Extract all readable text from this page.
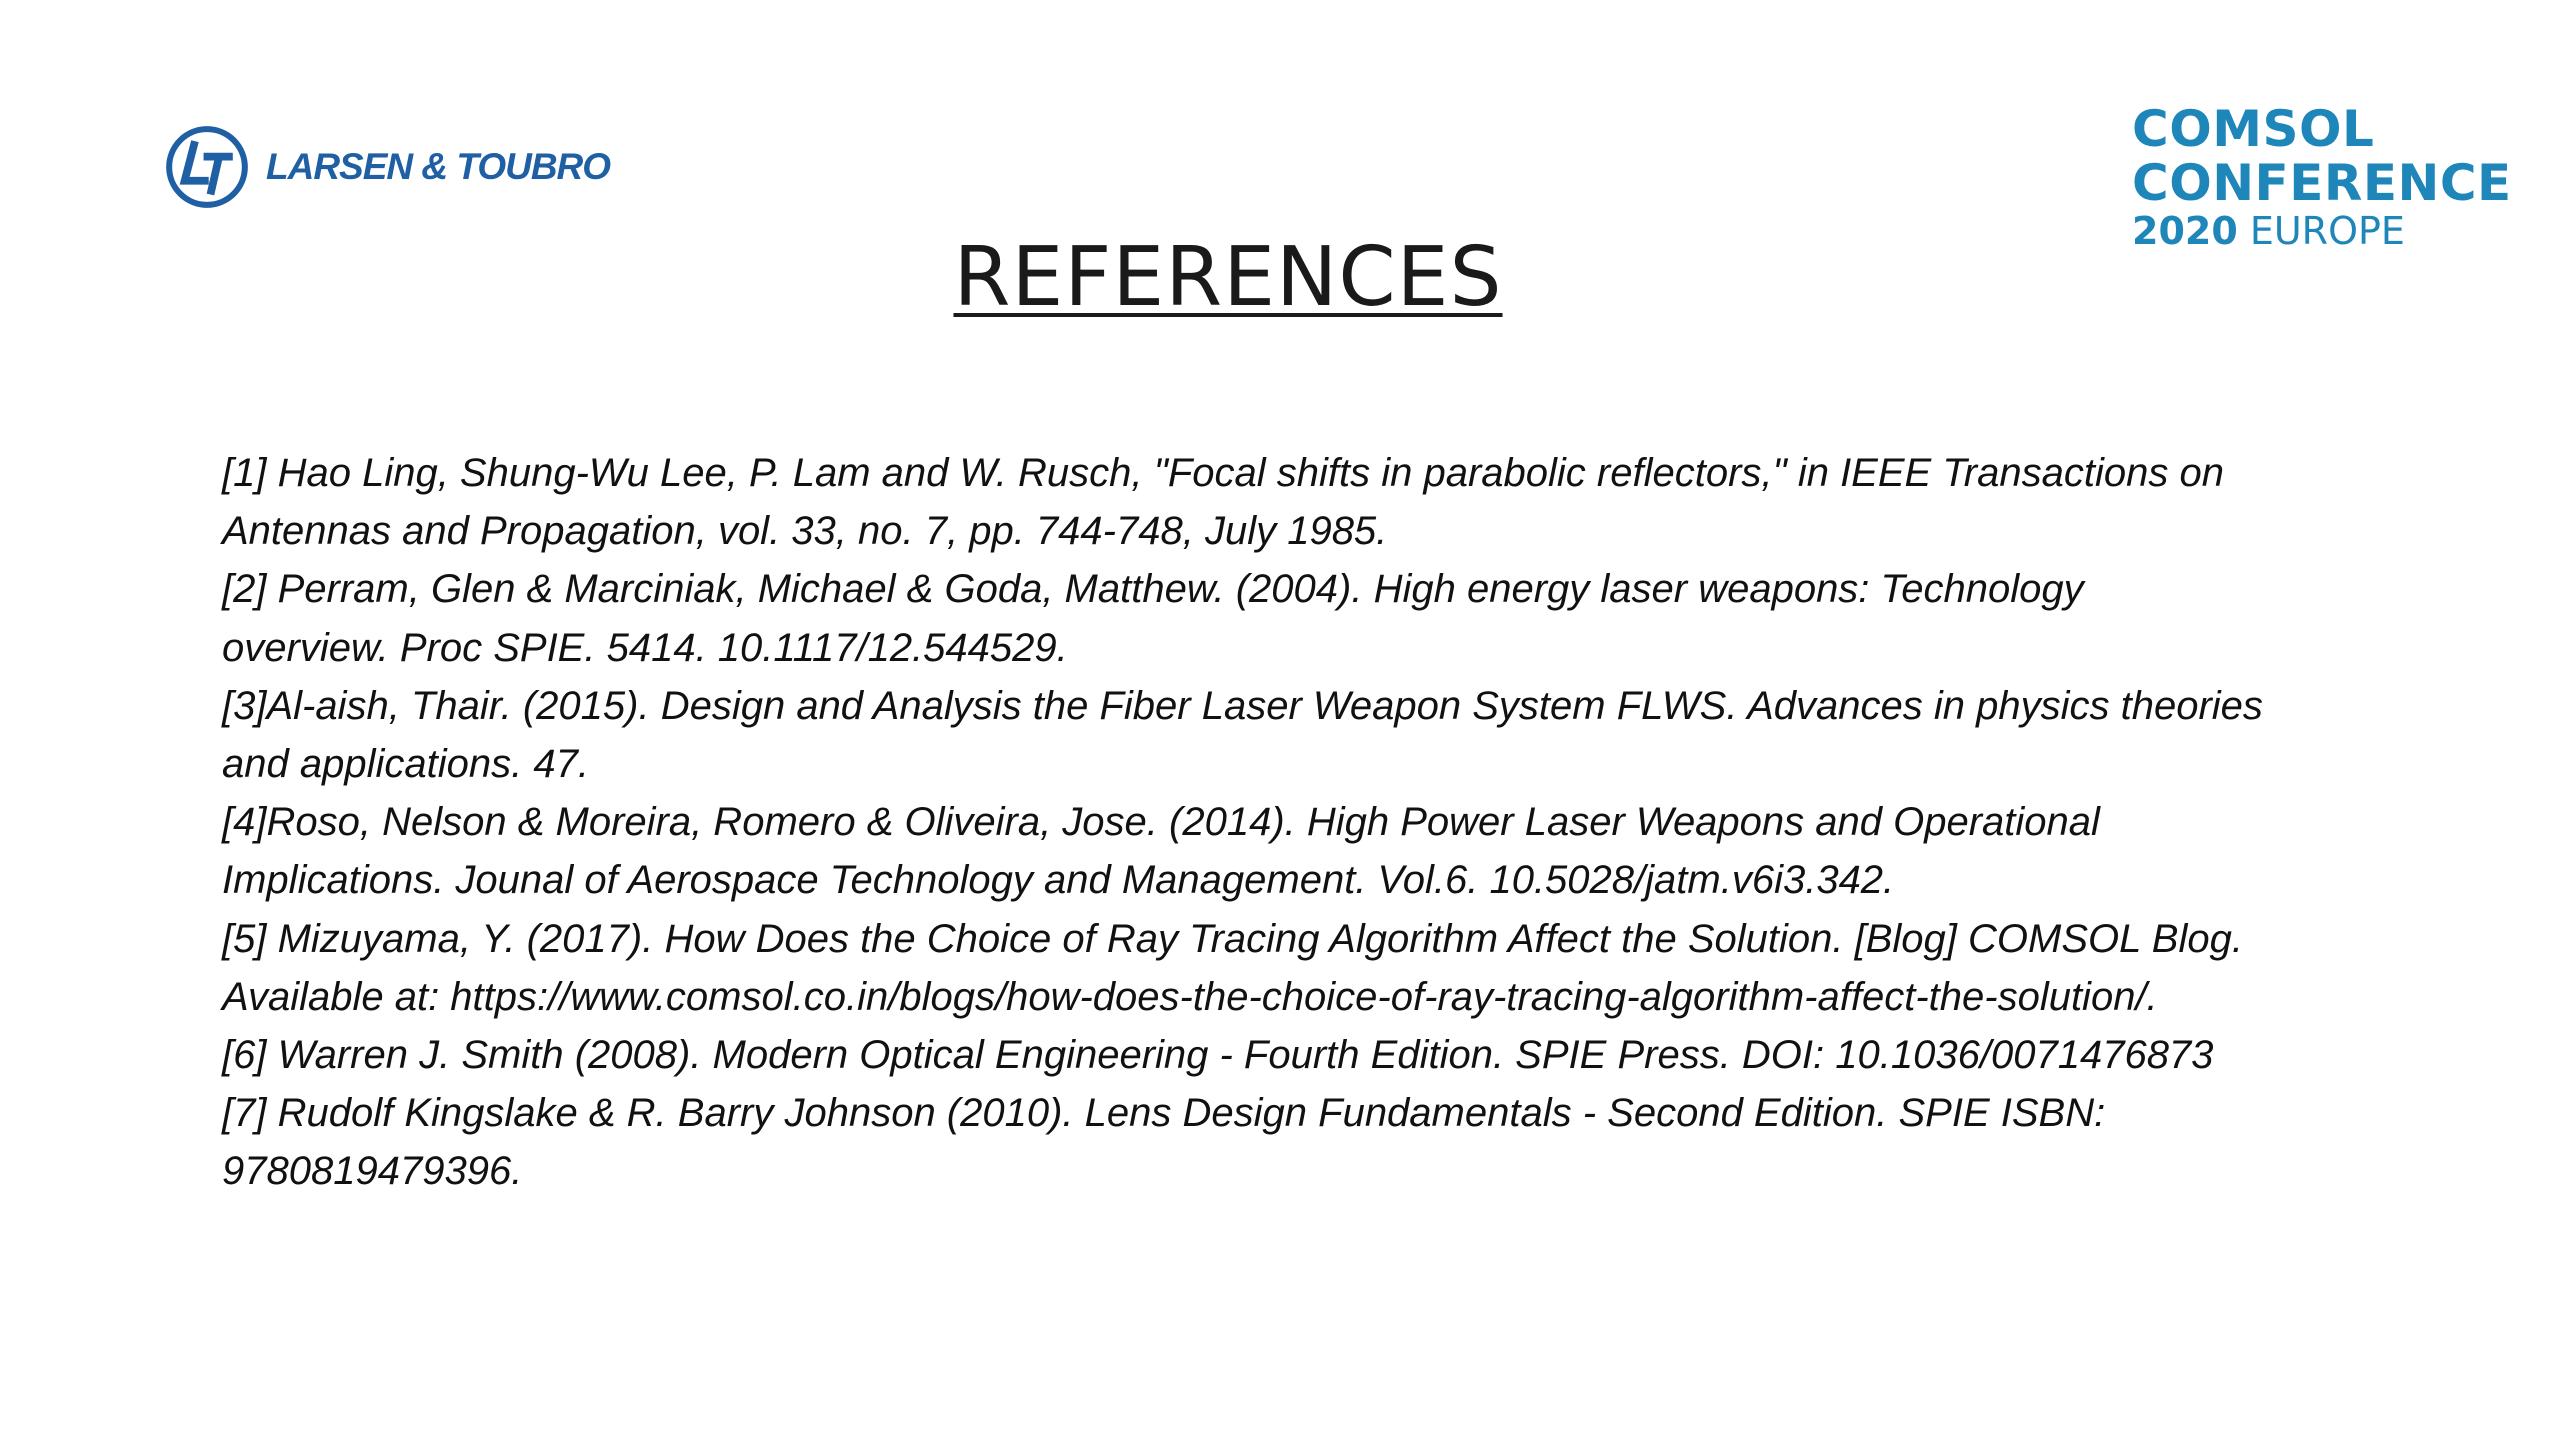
LARSEN & TOUBRO
COMSOL
CONFERENCE
2020 EUROPE
REFERENCES
[1] Hao Ling, Shung-Wu Lee, P. Lam and W. Rusch, "Focal shifts in parabolic reflectors," in IEEE Transactions on
Antennas and Propagation, vol. 33, no. 7, pp. 744-748, July 1985.
[2] Perram, Glen & Marciniak, Michael & Goda, Matthew. (2004). High energy laser weapons: Technology
overview. Proc SPIE. 5414. 10.1117/12.544529.
[3]Al-aish, Thair. (2015). Design and Analysis the Fiber Laser Weapon System FLWS. Advances in physics theories
and applications. 47.
[4]Roso, Nelson & Moreira, Romero & Oliveira, Jose. (2014). High Power Laser Weapons and Operational
Implications. Jounal of Aerospace Technology and Management. Vol.6. 10.5028/jatm.v6i3.342.
[5] Mizuyama, Y. (2017). How Does the Choice of Ray Tracing Algorithm Affect the Solution. [Blog] COMSOL Blog.
Available at: https://www.comsol.co.in/blogs/how-does-the-choice-of-ray-tracing-algorithm-affect-the-solution/.
[6] Warren J. Smith (2008). Modern Optical Engineering - Fourth Edition. SPIE Press. DOI: 10.1036/0071476873
[7] Rudolf Kingslake & R. Barry Johnson (2010). Lens Design Fundamentals - Second Edition. SPIE ISBN:
9780819479396.
